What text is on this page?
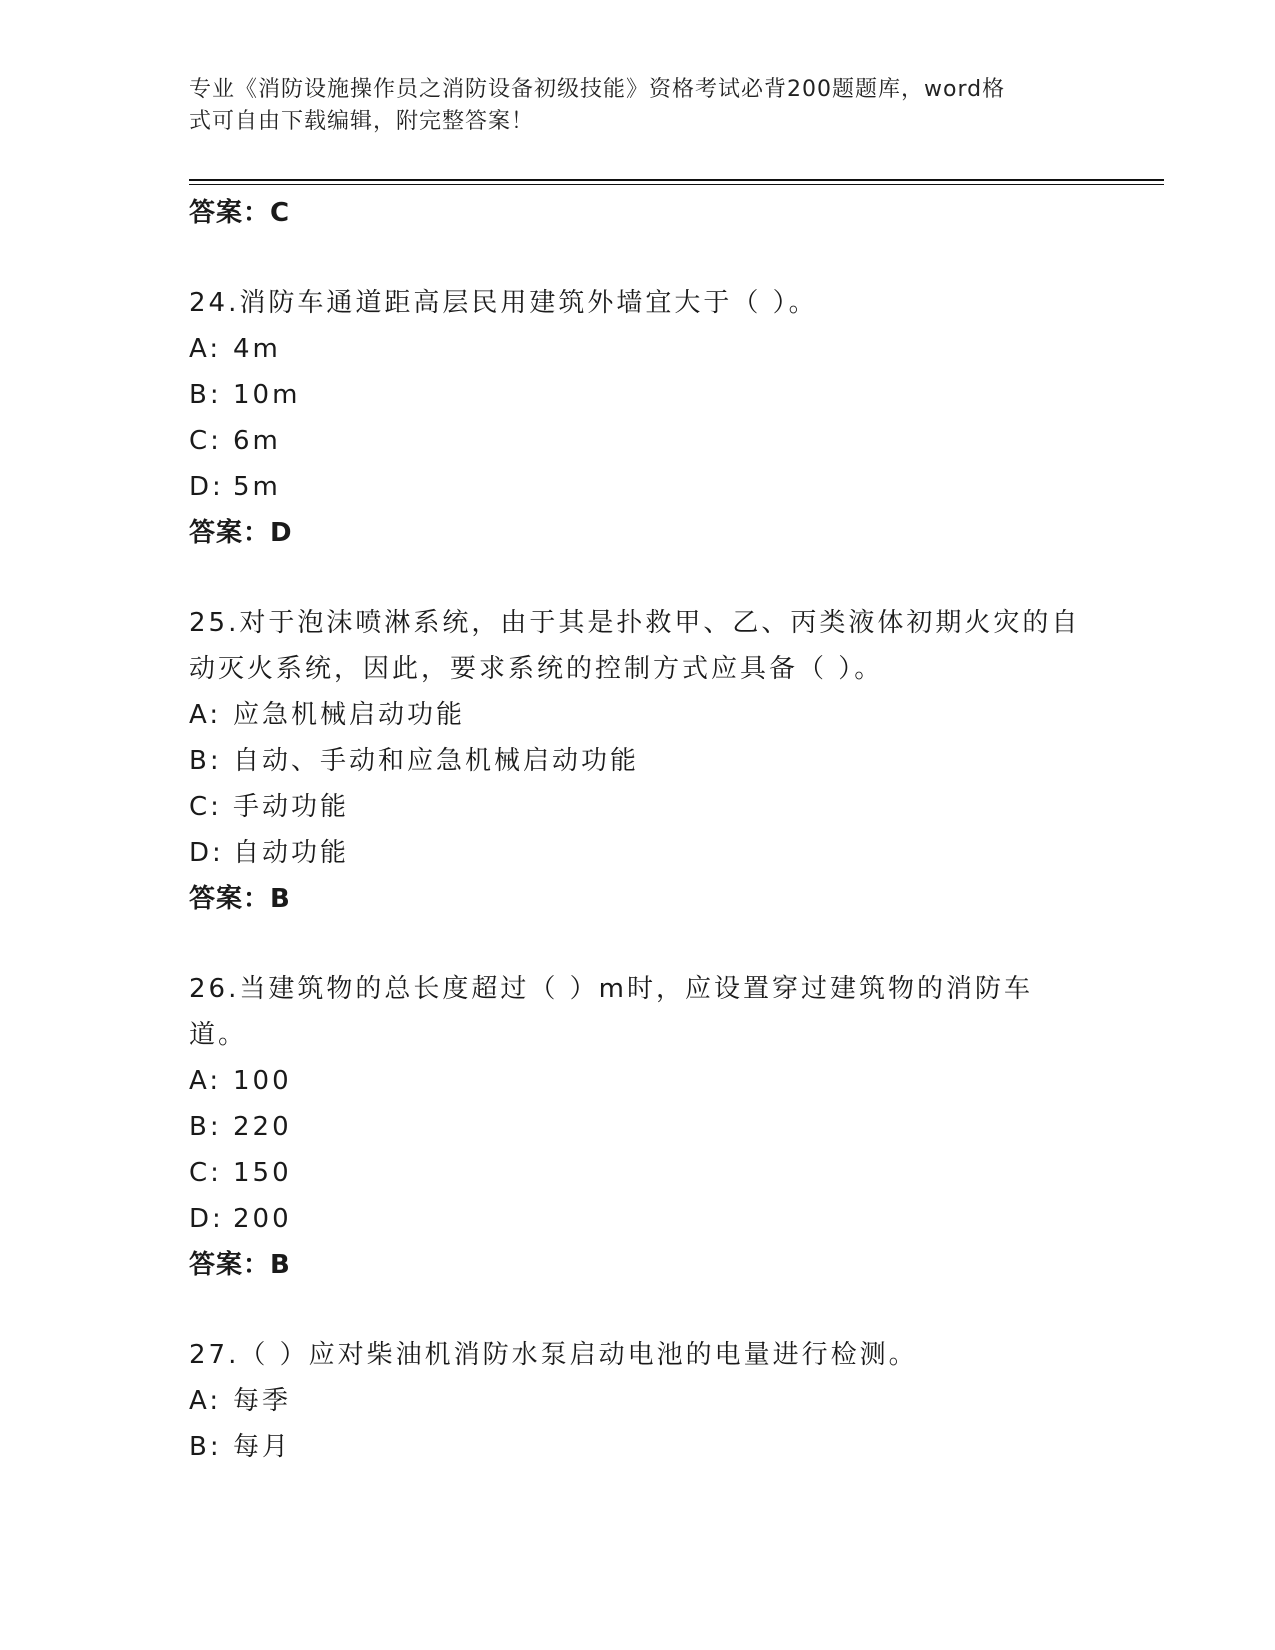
专业《消防设施操作员之消防设备初级技能》资格考试必背200题题库，word格
式可自由下载编辑，附完整答案！
答案：C
24.消防车通道距高层民用建筑外墙宜大于（ ）。
A: 4m
B: 10m
C: 6m
D: 5m
答案：D
25.对于泡沫喷淋系统，由于其是扑救甲、乙、丙类液体初期火灾的自动灭火系统，因此，要求系统的控制方式应具备（ ）。
A: 应急机械启动功能
B: 自动、手动和应急机械启动功能
C: 手动功能
D: 自动功能
答案：B
26.当建筑物的总长度超过（ ）m时，应设置穿过建筑物的消防车道。
A: 100
B: 220
C: 150
D: 200
答案：B
27.（ ）应对柴油机消防水泵启动电池的电量进行检测。
A: 每季
B: 每月
